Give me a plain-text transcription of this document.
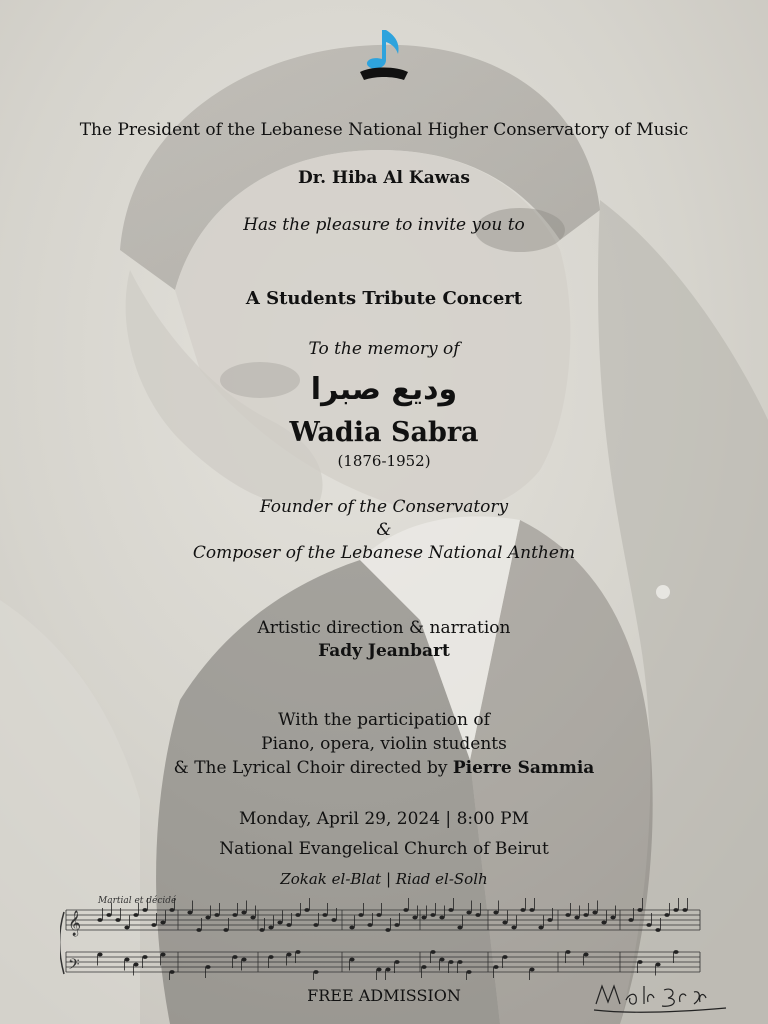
The President of the Lebanese National Higher Conservatory of Music
Dr. Hiba Al Kawas
Has the pleasure to invite you to
A Students Tribute Concert
To the memory of
وديع صبرا
Wadia Sabra
(1876-1952)
Founder of the Conservatory
&
Composer of the Lebanese National Anthem
Artistic direction & narration
Fady Jeanbart
With the participation of
Piano, opera, violin students
& The Lyrical Choir directed by Pierre Sammia
Monday, April 29, 2024 | 8:00 PM
National Evangelical Church of Beirut
Zokak el-Blat | Riad el-Solh
Martial et décidé
𝄞
𝄢
FREE ADMISSION
